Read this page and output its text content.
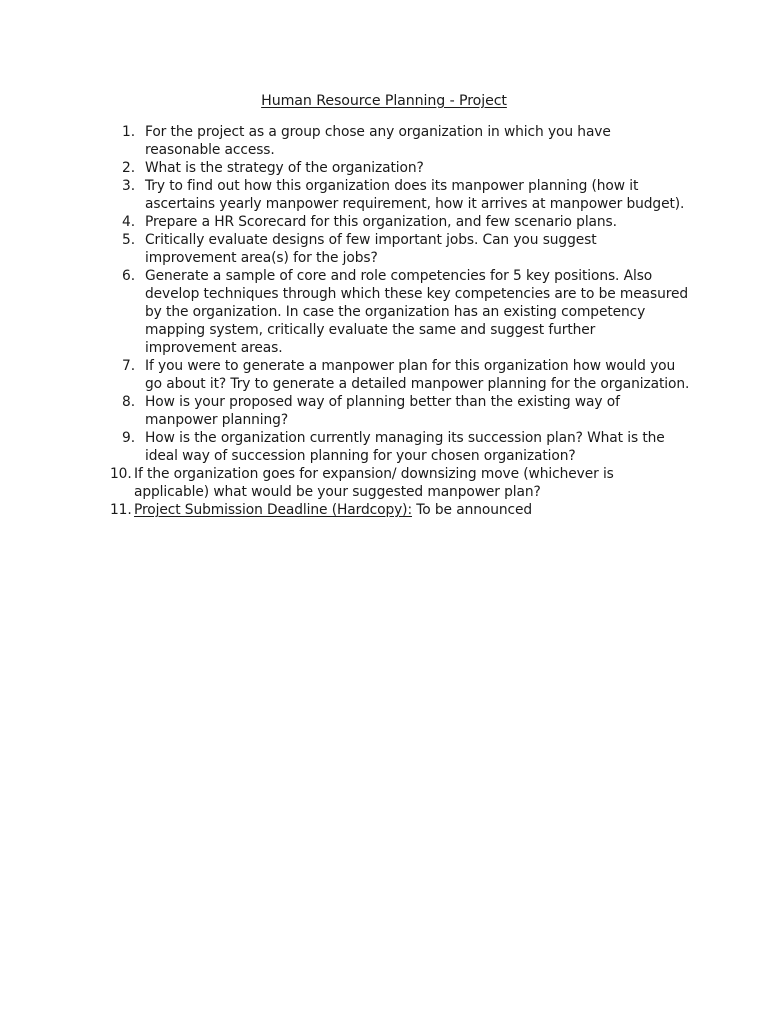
Human Resource Planning - Project
1. For the project as a group chose any organization in which you have reasonable access.
2. What is the strategy of the organization?
3. Try to find out how this organization does its manpower planning (how it ascertains yearly manpower requirement, how it arrives at manpower budget).
4. Prepare a HR Scorecard for this organization, and few scenario plans.
5. Critically evaluate designs of few important jobs. Can you suggest improvement area(s) for the jobs?
6. Generate a sample of core and role competencies for 5 key positions. Also develop techniques through which these key competencies are to be measured by the organization. In case the organization has an existing competency mapping system, critically evaluate the same and suggest further improvement areas.
7. If you were to generate a manpower plan for this organization how would you go about it? Try to generate a detailed manpower planning for the organization.
8. How is your proposed way of planning better than the existing way of manpower planning?
9. How is the organization currently managing its succession plan? What is the ideal way of succession planning for your chosen organization?
10. If the organization goes for expansion/ downsizing move (whichever is applicable) what would be your suggested manpower plan?
11. Project Submission Deadline (Hardcopy): To be announced
